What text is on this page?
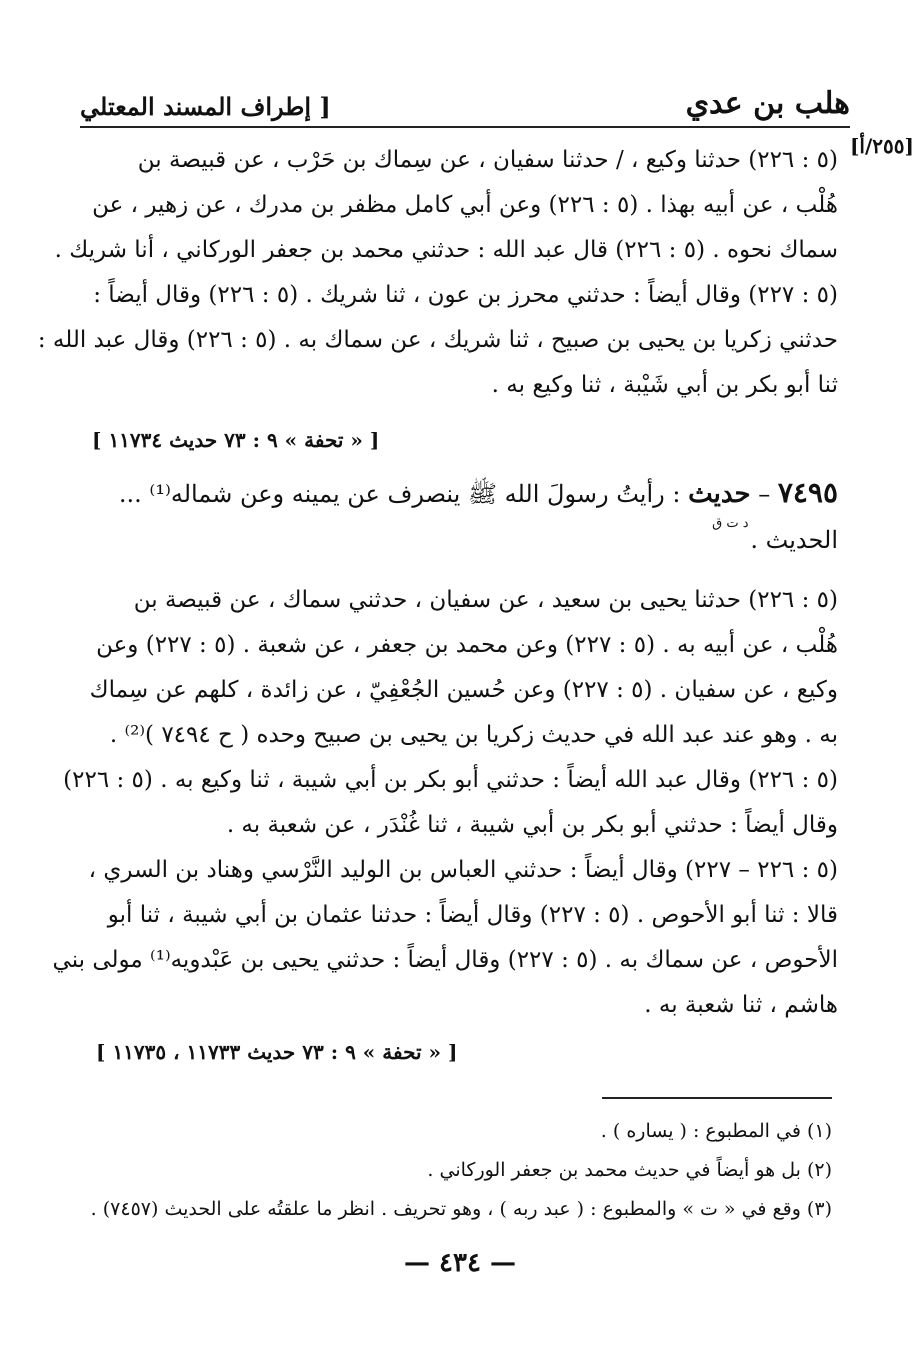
هلب بن عدي
[ إطراف المسند المعتلي
[٢٥٥/أ]
(٥ : ٢٢٦) حدثنا وكيع ، / حدثنا سفيان ، عن سِماك بن حَرْب ، عن قبيصة بن
هُلْب ، عن أبيه بهذا . (٥ : ٢٢٦) وعن أبي كامل مظفر بن مدرك ، عن زهير ، عن
سماك نحوه . (٥ : ٢٢٦) قال عبد الله : حدثني محمد بن جعفر الوركاني ، أنا شريك .
(٥ : ٢٢٧) وقال أيضاً : حدثني محرز بن عون ، ثنا شريك . (٥ : ٢٢٦) وقال أيضاً :
حدثني زكريا بن يحيى بن صبيح ، ثنا شريك ، عن سماك به . (٥ : ٢٢٦) وقال عبد الله :
ثنا أبو بكر بن أبي شَيْبة ، ثنا وكيع به .
[ « تحفة » ٩ : ٧٣ حديث ١١٧٣٤ ]
٧٤٩٥ – حديث
د ت ق
: رأيتُ رسولَ الله ﷺ ينصرف عن يمينه وعن شماله⁽¹⁾ ...
الحديث .
(٥ : ٢٢٦) حدثنا يحيى بن سعيد ، عن سفيان ، حدثني سماك ، عن قبيصة بن
هُلْب ، عن أبيه به . (٥ : ٢٢٧) وعن محمد بن جعفر ، عن شعبة . (٥ : ٢٢٧) وعن
وكيع ، عن سفيان . (٥ : ٢٢٧) وعن حُسين الجُعْفِيّ ، عن زائدة ، كلهم عن سِماك
به . وهو عند عبد الله في حديث زكريا بن يحيى بن صبيح وحده ( ح ٧٤٩٤ )⁽²⁾ .
(٥ : ٢٢٦) وقال عبد الله أيضاً : حدثني أبو بكر بن أبي شيبة ، ثنا وكيع به . (٥ : ٢٢٦)
وقال أيضاً : حدثني أبو بكر بن أبي شيبة ، ثنا غُنْدَر ، عن شعبة به .
(٥ : ٢٢٦ – ٢٢٧) وقال أيضاً : حدثني العباس بن الوليد النَّرْسي وهناد بن السري ،
قالا : ثنا أبو الأحوص . (٥ : ٢٢٧) وقال أيضاً : حدثنا عثمان بن أبي شيبة ، ثنا أبو
الأحوص ، عن سماك به . (٥ : ٢٢٧) وقال أيضاً : حدثني يحيى بن عَبْدويه⁽¹⁾ مولى بني
هاشم ، ثنا شعبة به .
[ « تحفة » ٩ : ٧٣ حديث ١١٧٣٣ ، ١١٧٣٥ ]
(١) في المطبوع : ( يساره ) .
(٢) بل هو أيضاً في حديث محمد بن جعفر الوركاني .
(٣) وقع في « ت » والمطبوع : ( عبد ربه ) ، وهو تحريف . انظر ما علقتُه على الحديث (٧٤٥٧) .
— ٤٣٤ —
